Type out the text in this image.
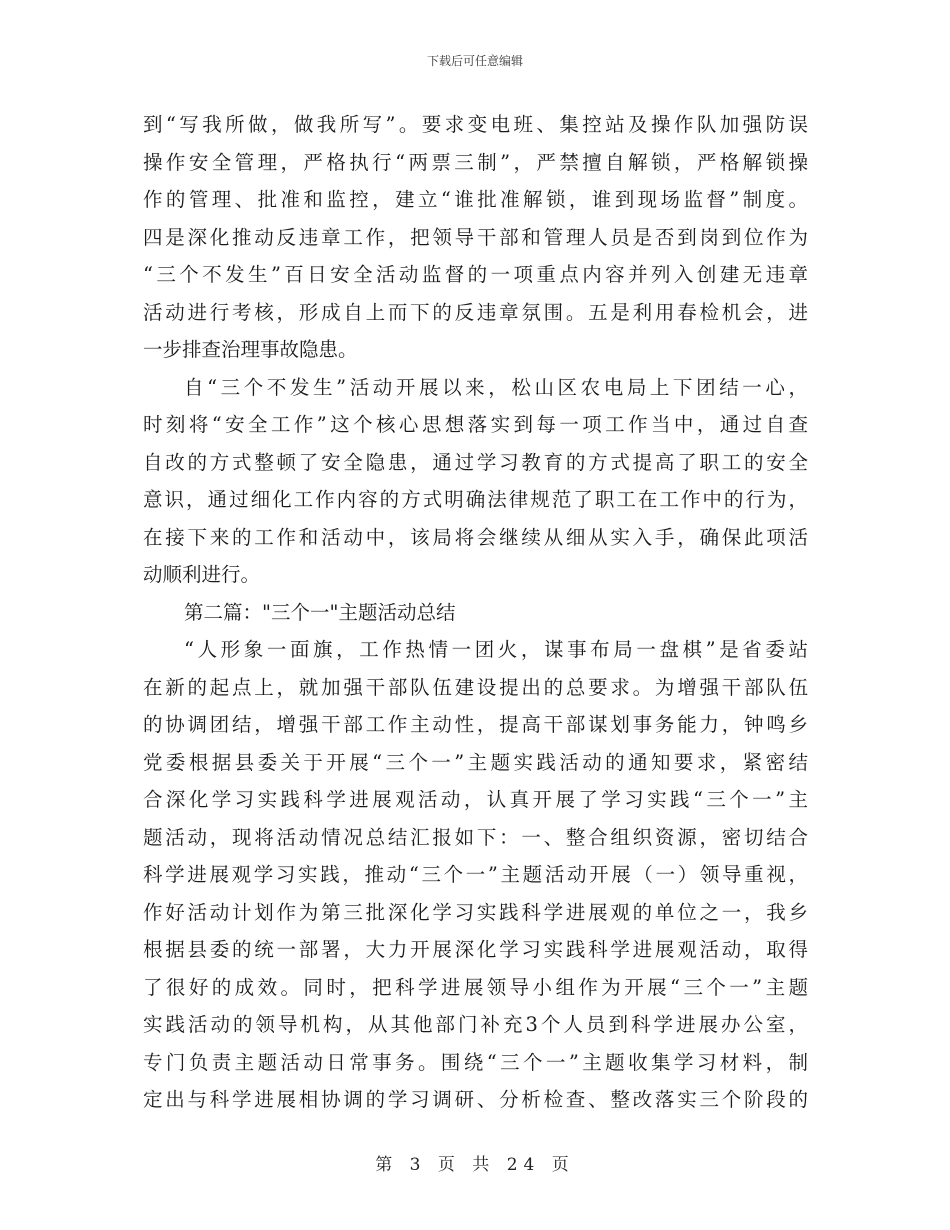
下载后可任意编辑
到“写我所做，做我所写”。要求变电班、集控站及操作队加强防误
操作安全管理，严格执行“两票三制”，严禁擅自解锁，严格解锁操
作的管理、批准和监控，建立“谁批准解锁，谁到现场监督”制度。
四是深化推动反违章工作，把领导干部和管理人员是否到岗到位作为
“三个不发生”百日安全活动监督的一项重点内容并列入创建无违章
活动进行考核，形成自上而下的反违章氛围。五是利用春检机会，进
一步排查治理事故隐患。
自“三个不发生”活动开展以来，松山区农电局上下团结一心，
时刻将“安全工作”这个核心思想落实到每一项工作当中，通过自查
自改的方式整顿了安全隐患，通过学习教育的方式提高了职工的安全
意识，通过细化工作内容的方式明确法律规范了职工在工作中的行为，
在接下来的工作和活动中，该局将会继续从细从实入手，确保此项活
动顺利进行。
第二篇："三个一"主题活动总结
“人形象一面旗，工作热情一团火，谋事布局一盘棋”是省委站
在新的起点上，就加强干部队伍建设提出的总要求。为增强干部队伍
的协调团结，增强干部工作主动性，提高干部谋划事务能力，钟鸣乡
党委根据县委关于开展“三个一”主题实践活动的通知要求，紧密结
合深化学习实践科学进展观活动，认真开展了学习实践“三个一”主
题活动，现将活动情况总结汇报如下：一、整合组织资源，密切结合
科学进展观学习实践，推动“三个一”主题活动开展（一）领导重视，
作好活动计划作为第三批深化学习实践科学进展观的单位之一，我乡
根据县委的统一部署，大力开展深化学习实践科学进展观活动，取得
了很好的成效。同时，把科学进展领导小组作为开展“三个一”主题
实践活动的领导机构，从其他部门补充3个人员到科学进展办公室，
专门负责主题活动日常事务。围绕“三个一”主题收集学习材料，制
定出与科学进展相协调的学习调研、分析检查、整改落实三个阶段的
第 3 页 共 24 页
